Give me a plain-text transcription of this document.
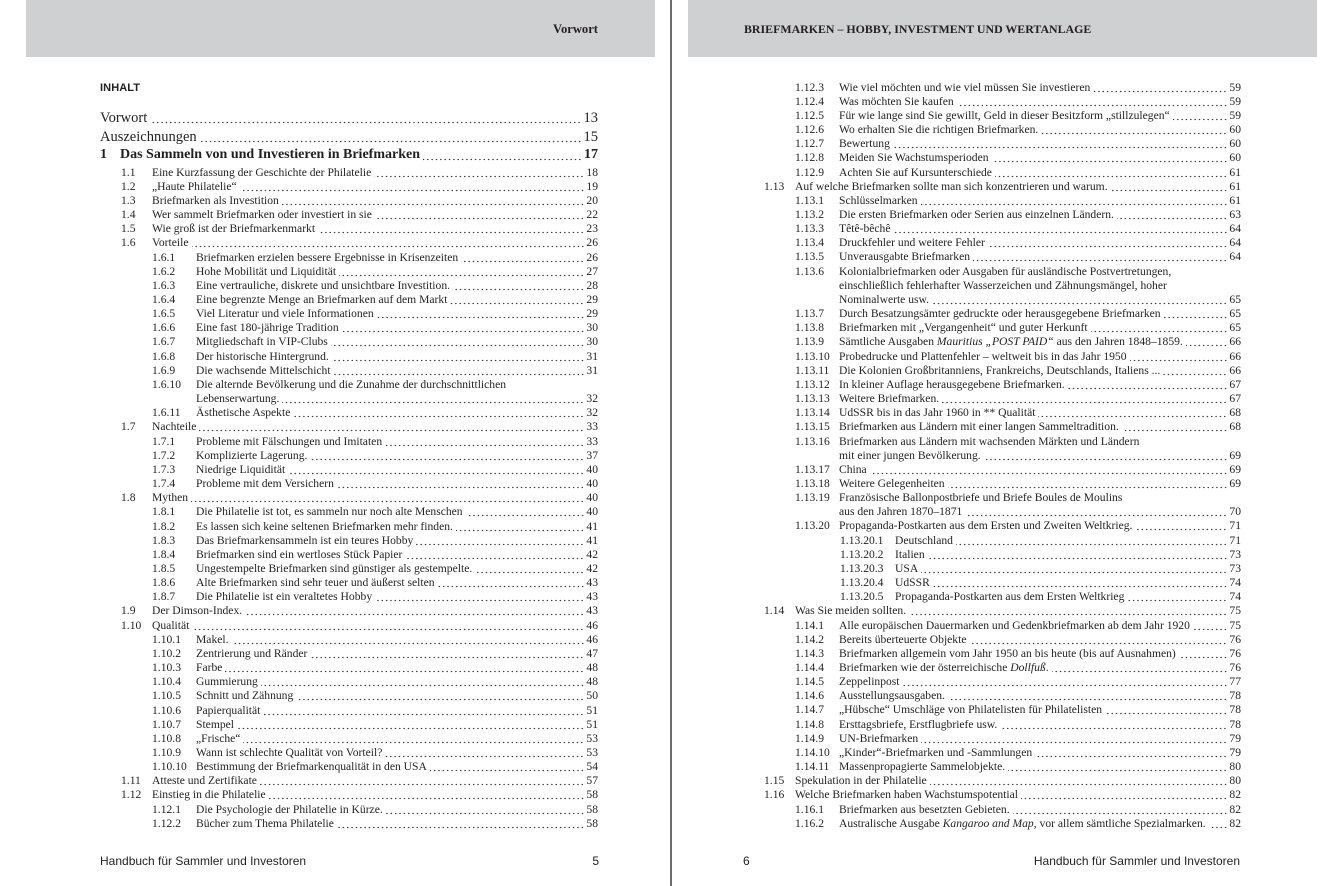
Vorwort
INHALT
Vorwort	13
Auszeichnungen	15
1 Das Sammeln von und Investieren in Briefmarken	17
1.1 Eine Kurzfassung der Geschichte der Philatelie	18
1.2 „Haute Philatelie“	19
1.3 Briefmarken als Investition	20
1.4 Wer sammelt Briefmarken oder investiert in sie	22
1.5 Wie groß ist der Briefmarkenmarkt	23
1.6 Vorteile	26
1.6.1 Briefmarken erzielen bessere Ergebnisse in Krisenzeiten	26
1.6.2 Hohe Mobilität und Liquidität	27
1.6.3 Eine vertrauliche, diskrete und unsichtbare Investition.	28
1.6.4 Eine begrenzte Menge an Briefmarken auf dem Markt	29
1.6.5 Viel Literatur und viele Informationen	29
1.6.6 Eine fast 180-jährige Tradition	30
1.6.7 Mitgliedschaft in VIP-Clubs	30
1.6.8 Der historische Hintergrund.	31
1.6.9 Die wachsende Mittelschicht	31
1.6.10 Die alternde Bevölkerung und die Zunahme der durchschnittlichen
Lebenserwartung.	32
1.6.11 Ästhetische Aspekte	32
1.7 Nachteile	33
1.7.1 Probleme mit Fälschungen und Imitaten	33
1.7.2 Komplizierte Lagerung.	37
1.7.3 Niedrige Liquidität	40
1.7.4 Probleme mit dem Versichern	40
1.8 Mythen	40
1.8.1 Die Philatelie ist tot, es sammeln nur noch alte Menschen	40
1.8.2 Es lassen sich keine seltenen Briefmarken mehr finden.	41
1.8.3 Das Briefmarkensammeln ist ein teures Hobby	41
1.8.4 Briefmarken sind ein wertloses Stück Papier	42
1.8.5 Ungestempelte Briefmarken sind günstiger als gestempelte.	42
1.8.6 Alte Briefmarken sind sehr teuer und äußerst selten	43
1.8.7 Die Philatelie ist ein veraltetes Hobby	43
1.9 Der Dimson-Index.	43
1.10 Qualität	46
1.10.1 Makel.	46
1.10.2 Zentrierung und Ränder	47
1.10.3 Farbe	48
1.10.4 Gummierung	48
1.10.5 Schnitt und Zähnung	50
1.10.6 Papierqualität	51
1.10.7 Stempel	51
1.10.8 „Frische“	53
1.10.9 Wann ist schlechte Qualität von Vorteil?	53
1.10.10 Bestimmung der Briefmarkenqualität in den USA	54
1.11 Atteste und Zertifikate	57
1.12 Einstieg in die Philatelie	58
1.12.1 Die Psychologie der Philatelie in Kürze.	58
1.12.2 Bücher zum Thema Philatelie	58
Handbuch für Sammler und Investoren	5
BRIEFMARKEN – HOBBY, INVESTMENT UND WERTANLAGE
1.12.3 Wie viel möchten und wie viel müssen Sie investieren	59
1.12.4 Was möchten Sie kaufen	59
1.12.5 Für wie lange sind Sie gewillt, Geld in dieser Besitzform „stillzulegen“	59
1.12.6 Wo erhalten Sie die richtigen Briefmarken.	60
1.12.7 Bewertung	60
1.12.8 Meiden Sie Wachstumsperioden	60
1.12.9 Achten Sie auf Kursunterschiede	61
1.13 Auf welche Briefmarken sollte man sich konzentrieren und warum.	61
1.13.1 Schlüsselmarken	61
1.13.2 Die ersten Briefmarken oder Serien aus einzelnen Ländern.	63
1.13.3 Têtê-bêchê	64
1.13.4 Druckfehler und weitere Fehler	64
1.13.5 Unverausgabte Briefmarken	64
1.13.6 Kolonialbriefmarken oder Ausgaben für ausländische Postvertretungen,
einschließlich fehlerhafter Wasserzeichen und Zähnungsmängel, hoher
Nominalwerte usw.	65
1.13.7 Durch Besatzungsämter gedruckte oder herausgegebene Briefmarken	65
1.13.8 Briefmarken mit „Vergangenheit“ und guter Herkunft	65
1.13.9 Sämtliche Ausgaben Mauritius „POST PAID“ aus den Jahren 1848–1859.	66
1.13.10 Probedrucke und Plattenfehler – weltweit bis in das Jahr 1950	66
1.13.11 Die Kolonien Großbritanniens, Frankreichs, Deutschlands, Italiens ...	66
1.13.12 In kleiner Auflage herausgegebene Briefmarken.	67
1.13.13 Weitere Briefmarken.	67
1.13.14 UdSSR bis in das Jahr 1960 in ** Qualität	68
1.13.15 Briefmarken aus Ländern mit einer langen Sammeltradition.	68
1.13.16 Briefmarken aus Ländern mit wachsenden Märkten und Ländern
mit einer jungen Bevölkerung.	69
1.13.17 China	69
1.13.18 Weitere Gelegenheiten	69
1.13.19 Französische Ballonpostbriefe und Briefe Boules de Moulins
aus den Jahren 1870–1871	70
1.13.20 Propaganda-Postkarten aus dem Ersten und Zweiten Weltkrieg.	71
1.13.20.1 Deutschland	71
1.13.20.2 Italien	73
1.13.20.3 USA	73
1.13.20.4 UdSSR	74
1.13.20.5 Propaganda-Postkarten aus dem Ersten Weltkrieg	74
1.14 Was Sie meiden sollten.	75
1.14.1 Alle europäischen Dauermarken und Gedenkbriefmarken ab dem Jahr 1920	75
1.14.2 Bereits überteuerte Objekte	76
1.14.3 Briefmarken allgemein vom Jahr 1950 an bis heute (bis auf Ausnahmen)	76
1.14.4 Briefmarken wie der österreichische Dollfuß.	76
1.14.5 Zeppelinpost	77
1.14.6 Ausstellungsausgaben.	78
1.14.7 „Hübsche“ Umschläge von Philatelisten für Philatelisten	78
1.14.8 Ersttagsbriefe, Erstflugbriefe usw.	78
1.14.9 UN-Briefmarken	79
1.14.10 „Kinder“-Briefmarken und -Sammlungen	79
1.14.11 Massenpropagierte Sammelobjekte.	80
1.15 Spekulation in der Philatelie	80
1.16 Welche Briefmarken haben Wachstumspotential	82
1.16.1 Briefmarken aus besetzten Gebieten.	82
1.16.2 Australische Ausgabe Kangaroo and Map, vor allem sämtliche Spezialmarken. 82
6	Handbuch für Sammler und Investoren
